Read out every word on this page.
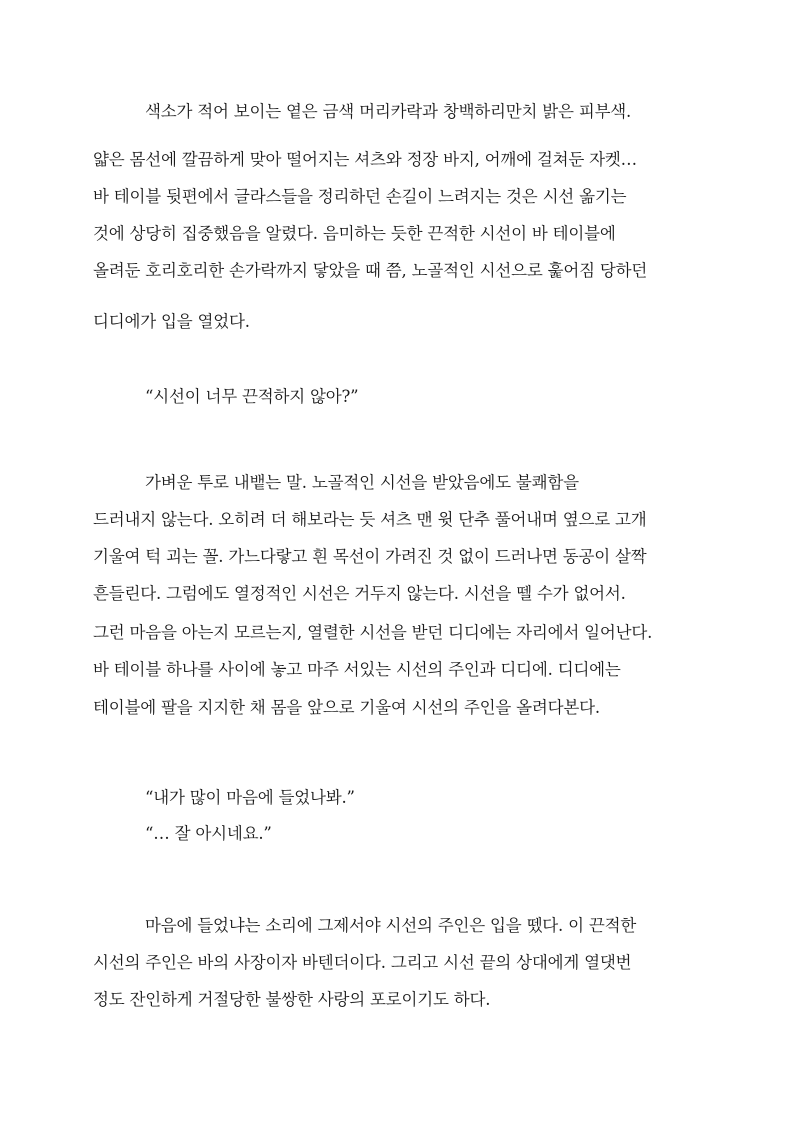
색소가 적어 보이는 옅은 금색 머리카락과 창백하리만치 밝은 피부색.
얇은 몸선에 깔끔하게 맞아 떨어지는 셔츠와 정장 바지, 어깨에 걸쳐둔 자켓…
바 테이블 뒷편에서 글라스들을 정리하던 손길이 느려지는 것은 시선 옮기는
것에 상당히 집중했음을 알렸다. 음미하는 듯한 끈적한 시선이 바 테이블에
올려둔 호리호리한 손가락까지 닿았을 때 쯤, 노골적인 시선으로 훑어짐 당하던
디디에가 입을 열었다.
“시선이 너무 끈적하지 않아?”
가벼운 투로 내뱉는 말. 노골적인 시선을 받았음에도 불쾌함을
드러내지 않는다. 오히려 더 해보라는 듯 셔츠 맨 윗 단추 풀어내며 옆으로 고개
기울여 턱 괴는 꼴. 가느다랗고 흰 목선이 가려진 것 없이 드러나면 동공이 살짝
흔들린다. 그럼에도 열정적인 시선은 거두지 않는다. 시선을 뗄 수가 없어서.
그런 마음을 아는지 모르는지, 열렬한 시선을 받던 디디에는 자리에서 일어난다.
바 테이블 하나를 사이에 놓고 마주 서있는 시선의 주인과 디디에. 디디에는
테이블에 팔을 지지한 채 몸을 앞으로 기울여 시선의 주인을 올려다본다.
“내가 많이 마음에 들었나봐.”
“… 잘 아시네요.”
마음에 들었냐는 소리에 그제서야 시선의 주인은 입을 뗐다. 이 끈적한
시선의 주인은 바의 사장이자 바텐더이다. 그리고 시선 끝의 상대에게 열댓번
정도 잔인하게 거절당한 불쌍한 사랑의 포로이기도 하다.
